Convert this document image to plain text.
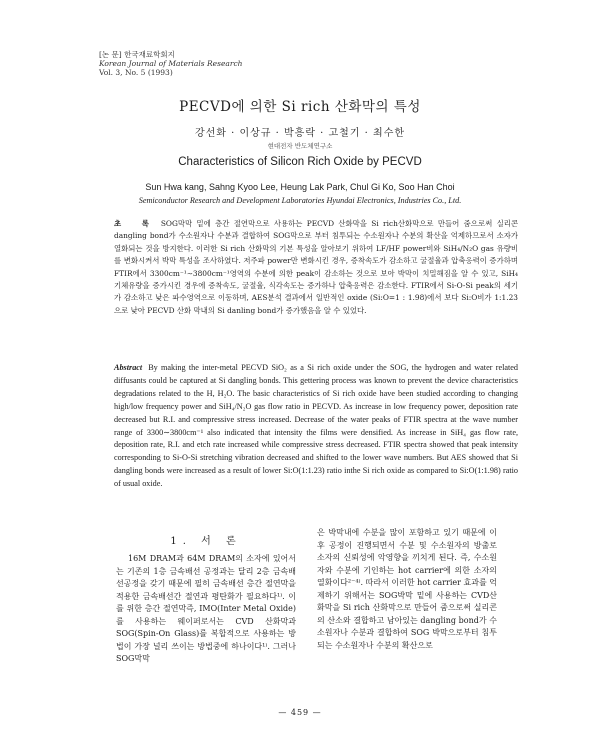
[논 문] 한국재료학회지
Korean Journal of Materials Research
Vol. 3, No. 5 (1993)
PECVD에 의한 Si rich 산화막의 특성
강선화 · 이상규 · 박흥락 · 고철기 · 최수한
현대전자 반도체연구소
Characteristics of Silicon Rich Oxide by PECVD
Sun Hwa kang, Sahng Kyoo Lee, Heung Lak Park, Chul Gi Ko, Soo Han Choi
Semiconductor Research and Development Laboratories Hyundai Electronics, Industries Co., Ltd.
초 록 SOG막막 밑에 층간 절연막으로 사용하는 PECVD 산화막을 Si rich산화막으로 만들어 줌으로써 실리콘 dangling bond가 수소원자나 수분과 결합하여 SOG막으로 부터 침투되는 수소원자나 수분의 확산을 억제하므로서 소자가 열화되는 것을 방지한다. 이러한 Si rich 산화막의 기본 특성을 알아보기 위하여 LF/HF power비와 SiH₄/N₂O gas 유량비를 변화시켜서 박막 특성을 조사하였다. 저주파 power만 변화시킨 경우, 증착속도가 감소하고 굴절율과 압축응력이 증가하며 FTIR에서 3300cm⁻¹∼3800cm⁻¹영역의 수분에 의한 peak이 감소하는 것으로 보아 박막이 치밀해짐을 알 수 있고, SiH₄ 기체유량을 증가시킨 경우에 증착속도, 굴절율, 식각속도는 증가하나 압축응력은 감소한다. FTIR에서 Si-O-Si peak의 세기가 감소하고 낮은 파수영역으로 이동하며, AES분석 결과에서 일반적인 oxide (Si:O=1 : 1.98)에서 보다 Si:O비가 1:1.23으로 낮아 PECVD 산화 막내의 Si danling bond가 증가했음을 알 수 있었다.
Abstract By making the inter-metal PECVD SiO₂ as a Si rich oxide under the SOG, the hydrogen and water related diffusants could be captured at Si dangling bonds. This gettering process was known to prevent the device characteristics degradations related to the H, H₂O. The basic characteristics of Si rich oxide have been studied according to changing high/low frequency power and SiH₄/N₂O gas flow ratio in PECVD. As increase in low frequency power, deposition rate decreased but R.I. and compressive stress increased. Decrease of the water peaks of FTIR spectra at the wave number range of 3300∼3800cm⁻¹ also indicated that intensity the films were densified. As increase in SiH₄ gas flow rate, deposition rate, R.I. and etch rate increased while compressive stress decreased. FTIR spectra showed that peak intensity corresponding to Si-O-Si stretching vibration decreased and shifted to the lower wave numbers. But AES showed that Si dangling bonds were increased as a result of lower Si:O(1:1.23) ratio inthe Si rich oxide as compared to Si:O(1:1.98) ratio of usual oxide.
1. 서 론
16M DRAM과 64M DRAM의 소자에 있어서는 기존의 1층 금속배선 공정과는 달리 2층 금속배선공정을 갖기 때문에 필히 금속배선 층간 절연막을 적용한 금속배선간 절연과 평탄화가 필요하다¹⁾. 이를 위한 층간 절연막즉, IMO(Inter Metal Oxide)를 사용하는 웨이퍼로서는 CVD 산화막과 SOG(Spin-On Glass)를 복합적으로 사용하는 방법이 가장 널리 쓰이는 방법중에 하나이다¹⁾. 그러나 SOG막막
은 박막내에 수분을 많이 포함하고 있기 때문에 이후 공정이 진행되면서 수분 및 수소원자의 방출로 소자의 신뢰성에 악영향을 끼치게 된다. 즉, 수소원자와 수분에 기인하는 hot carrier에 의한 소자의 열화이다²⁻⁴⁾. 따라서 이러한 hot carrier 효과를 억제하기 위해서는 SOG박막 밑에 사용하는 CVD산화막을 Si rich 산화막으로 만들어 줌으로써 실리콘의 산소와 결합하고 남아있는 dangling bond가 수소원자나 수분과 결합하여 SOG 박막으로부터 침투되는 수소원자나 수분의 확산으로
— 459 —
